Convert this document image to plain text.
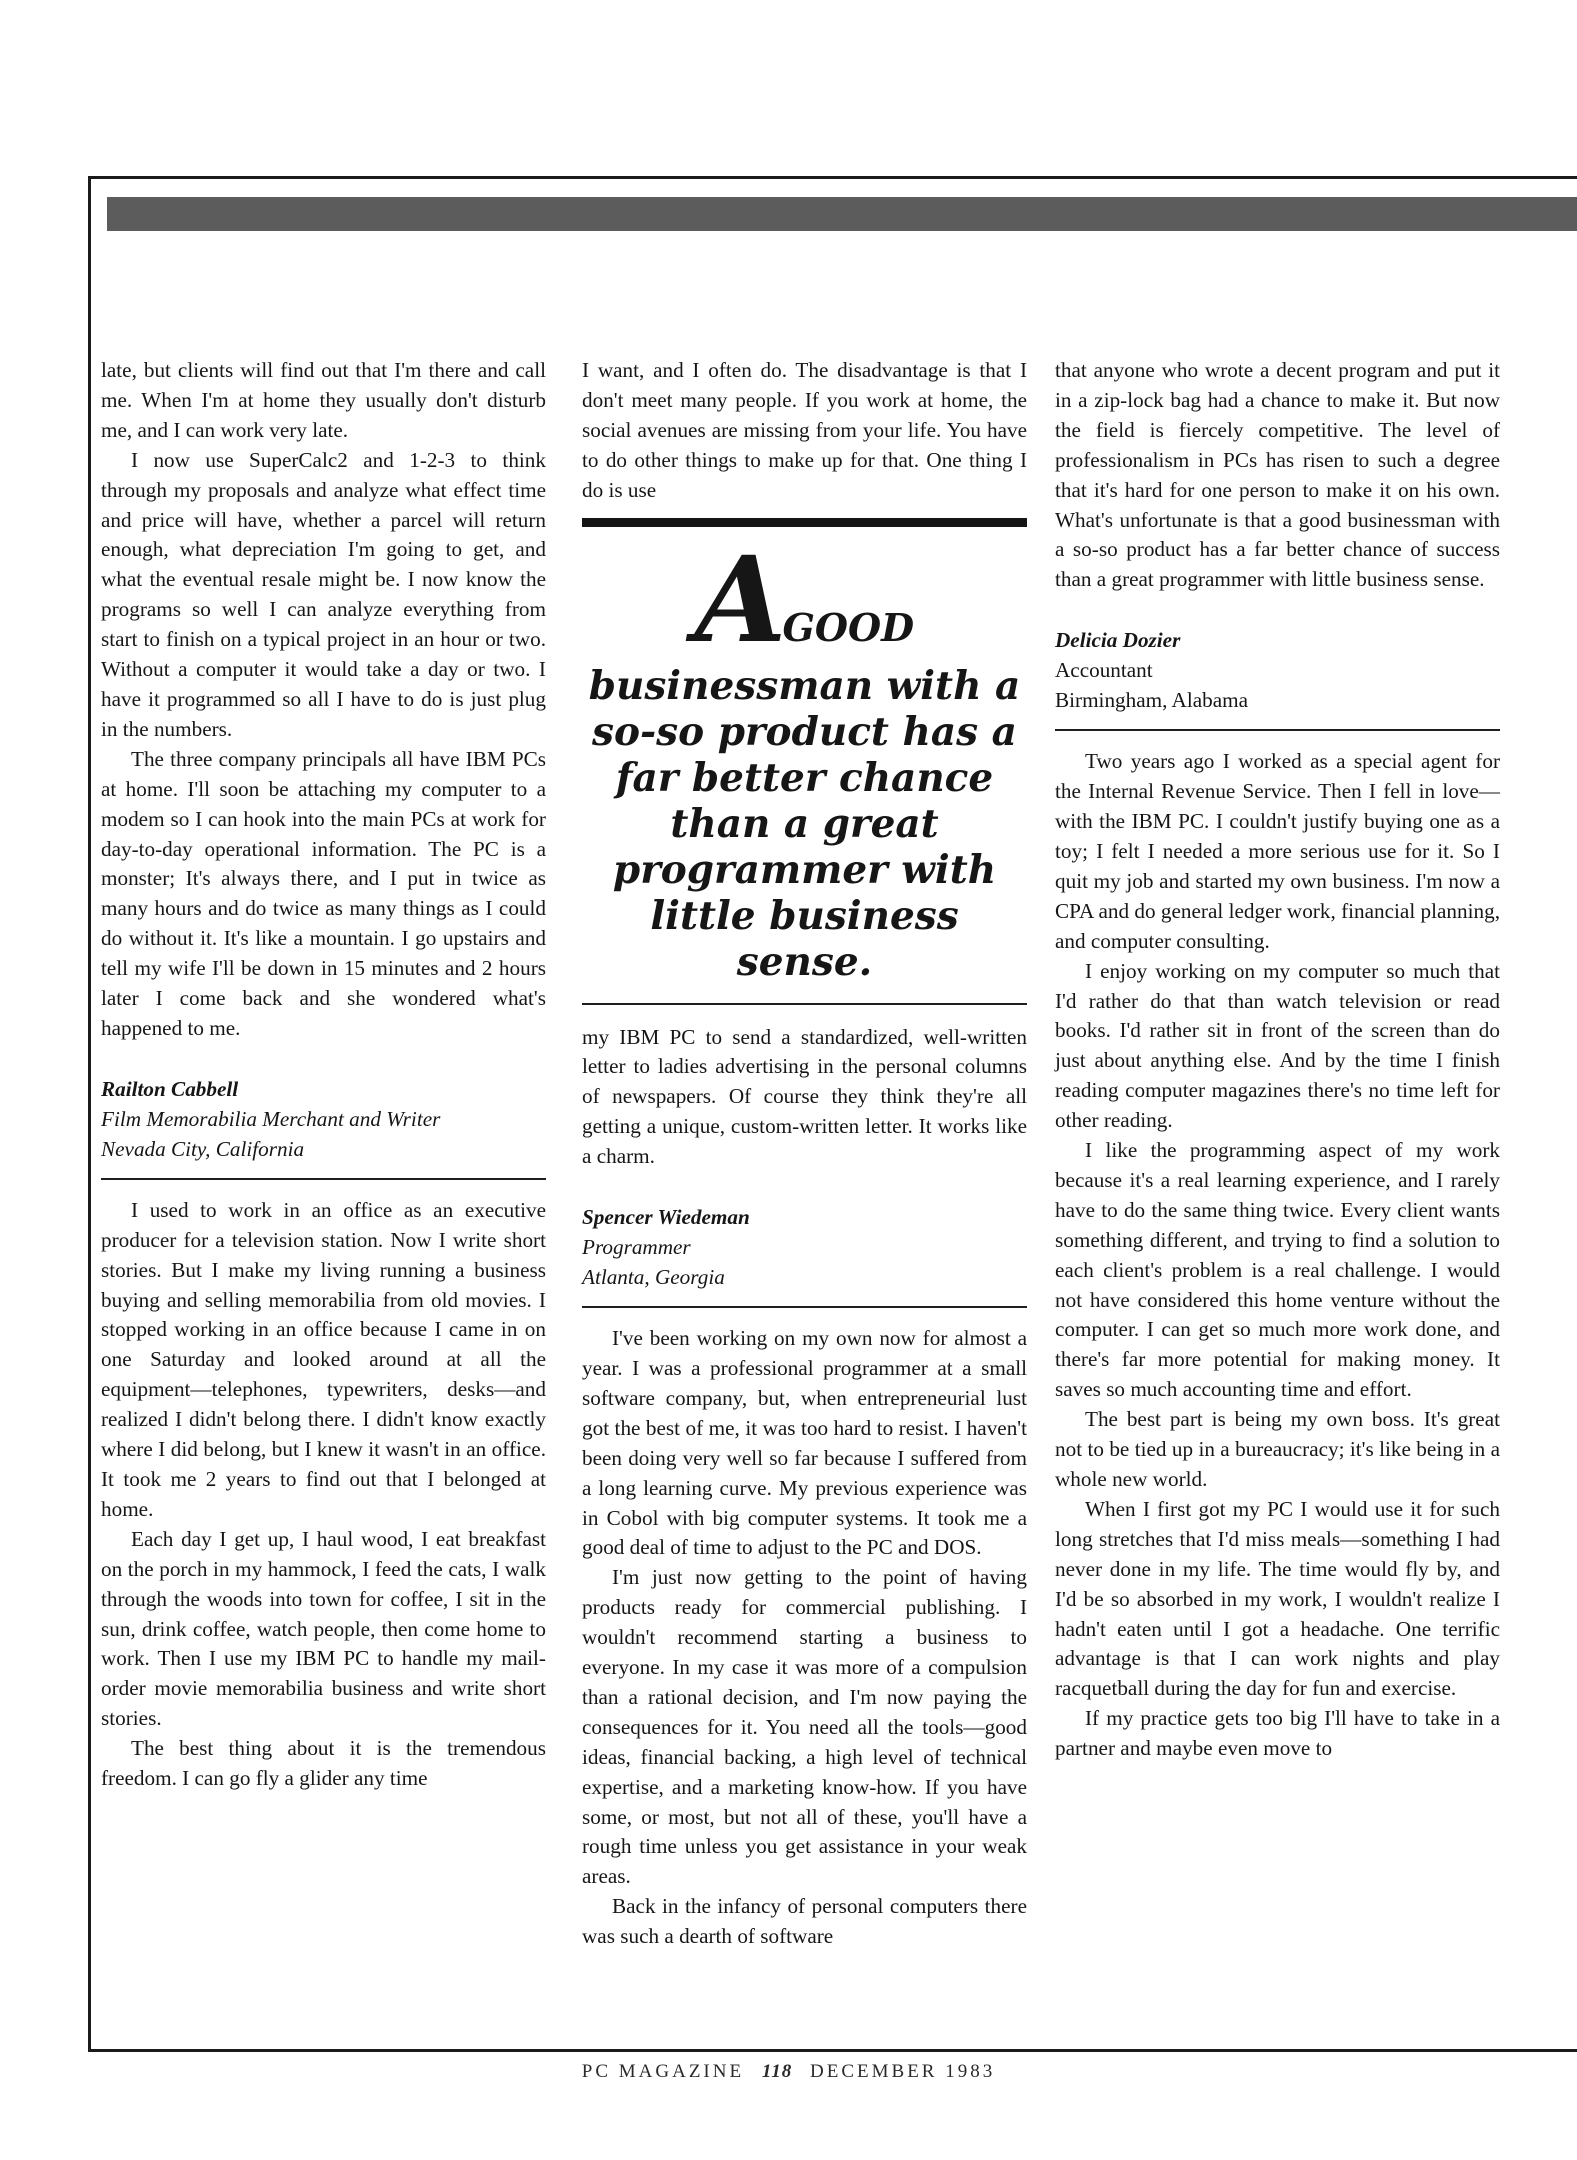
late, but clients will find out that I'm there and call me. When I'm at home they usually don't disturb me, and I can work very late.

I now use SuperCalc2 and 1-2-3 to think through my proposals and analyze what effect time and price will have, whether a parcel will return enough, what depreciation I'm going to get, and what the eventual resale might be. I now know the programs so well I can analyze everything from start to finish on a typical project in an hour or two. Without a computer it would take a day or two. I have it programmed so all I have to do is just plug in the numbers.

The three company principals all have IBM PCs at home. I'll soon be attaching my computer to a modem so I can hook into the main PCs at work for day-to-day operational information. The PC is a monster; It's always there, and I put in twice as many hours and do twice as many things as I could do without it. It's like a mountain. I go upstairs and tell my wife I'll be down in 15 minutes and 2 hours later I come back and she wondered what's happened to me.

Railton Cabbell
Film Memorabilia Merchant and Writer
Nevada City, California

I used to work in an office as an executive producer for a television station. Now I write short stories. But I make my living running a business buying and selling memorabilia from old movies. I stopped working in an office because I came in on one Saturday and looked around at all the equipment—telephones, typewriters, desks—and realized I didn't belong there. I didn't know exactly where I did belong, but I knew it wasn't in an office. It took me 2 years to find out that I belonged at home.

Each day I get up, I haul wood, I eat breakfast on the porch in my hammock, I feed the cats, I walk through the woods into town for coffee, I sit in the sun, drink coffee, watch people, then come home to work. Then I use my IBM PC to handle my mail-order movie memorabilia business and write short stories.

The best thing about it is the tremendous freedom. I can go fly a glider any time

I want, and I often do. The disadvantage is that I don't meet many people. If you work at home, the social avenues are missing from your life. You have to do other things to make up for that. One thing I do is use

AGOOD
businessman with a so-so product has a far better chance than a great programmer with little business sense.

my IBM PC to send a standardized, well-written letter to ladies advertising in the personal columns of newspapers. Of course they think they're all getting a unique, custom-written letter. It works like a charm.

Spencer Wiedeman
Programmer
Atlanta, Georgia

I've been working on my own now for almost a year. I was a professional programmer at a small software company, but, when entrepreneurial lust got the best of me, it was too hard to resist. I haven't been doing very well so far because I suffered from a long learning curve. My previous experience was in Cobol with big computer systems. It took me a good deal of time to adjust to the PC and DOS.

I'm just now getting to the point of having products ready for commercial publishing. I wouldn't recommend starting a business to everyone. In my case it was more of a compulsion than a rational decision, and I'm now paying the consequences for it. You need all the tools—good ideas, financial backing, a high level of technical expertise, and a marketing know-how. If you have some, or most, but not all of these, you'll have a rough time unless you get assistance in your weak areas.

Back in the infancy of personal computers there was such a dearth of software

that anyone who wrote a decent program and put it in a zip-lock bag had a chance to make it. But now the field is fiercely competitive. The level of professionalism in PCs has risen to such a degree that it's hard for one person to make it on his own. What's unfortunate is that a good businessman with a so-so product has a far better chance of success than a great programmer with little business sense.

Delicia Dozier
Accountant
Birmingham, Alabama

Two years ago I worked as a special agent for the Internal Revenue Service. Then I fell in love—with the IBM PC. I couldn't justify buying one as a toy; I felt I needed a more serious use for it. So I quit my job and started my own business. I'm now a CPA and do general ledger work, financial planning, and computer consulting.

I enjoy working on my computer so much that I'd rather do that than watch television or read books. I'd rather sit in front of the screen than do just about anything else. And by the time I finish reading computer magazines there's no time left for other reading.

I like the programming aspect of my work because it's a real learning experience, and I rarely have to do the same thing twice. Every client wants something different, and trying to find a solution to each client's problem is a real challenge. I would not have considered this home venture without the computer. I can get so much more work done, and there's far more potential for making money. It saves so much accounting time and effort.

The best part is being my own boss. It's great not to be tied up in a bureaucracy; it's like being in a whole new world.

When I first got my PC I would use it for such long stretches that I'd miss meals—something I had never done in my life. The time would fly by, and I'd be so absorbed in my work, I wouldn't realize I hadn't eaten until I got a headache. One terrific advantage is that I can work nights and play racquetball during the day for fun and exercise.

If my practice gets too big I'll have to take in a partner and maybe even move to

PC MAGAZINE 118 DECEMBER 1983
